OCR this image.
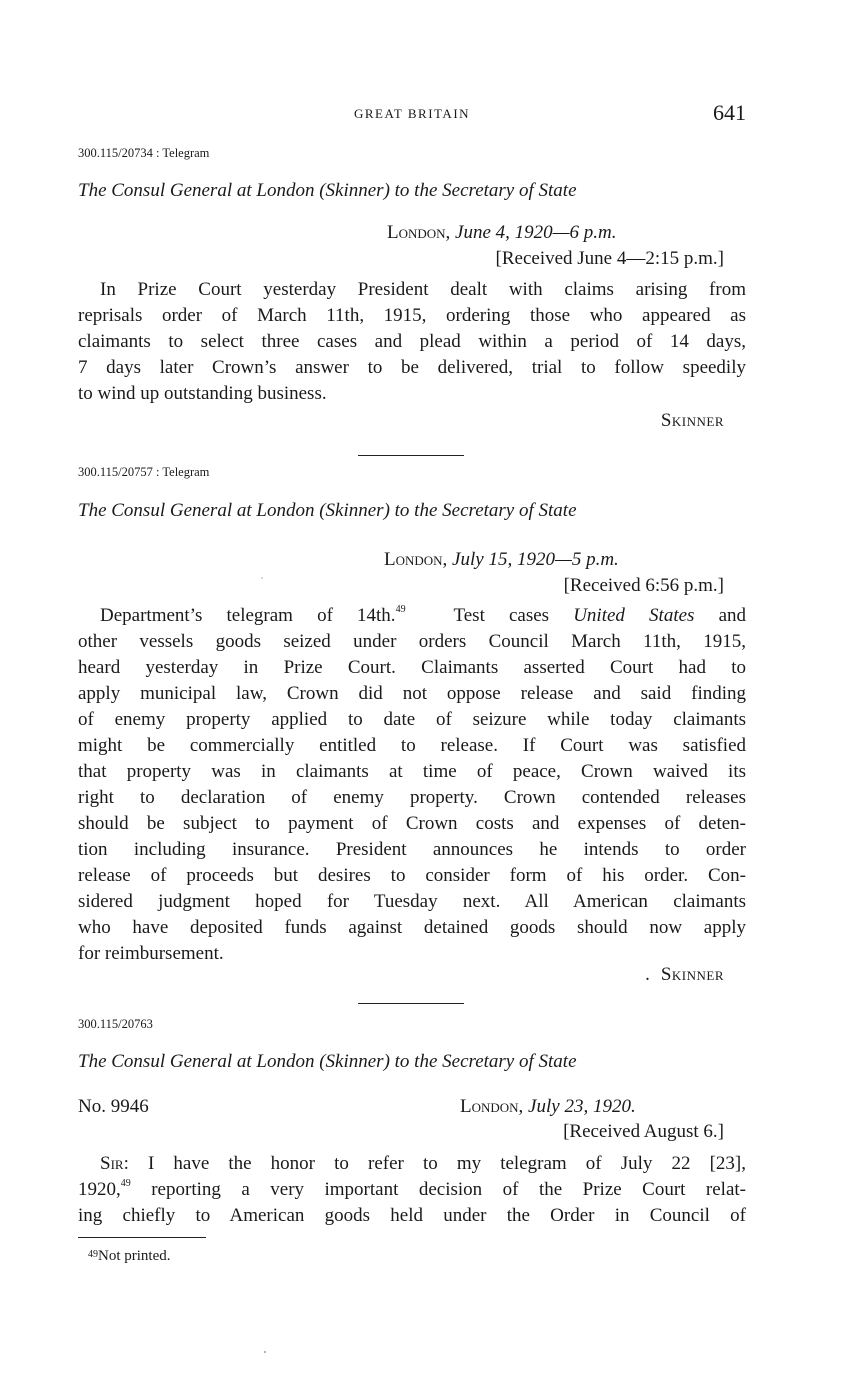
GREAT BRITAIN	641
300.115/20734 : Telegram
The Consul General at London (Skinner) to the Secretary of State
London, June 4, 1920—6 p.m.
[Received June 4—2:15 p.m.]
In Prize Court yesterday President dealt with claims arising from
reprisals order of March 11th, 1915, ordering those who appeared as
claimants to select three cases and plead within a period of 14 days,
7 days later Crown’s answer to be delivered, trial to follow speedily
to wind up outstanding business.
Skinner
300.115/20757 : Telegram
The Consul General at London (Skinner) to the Secretary of State
London, July 15, 1920—5 p.m.
[Received 6:56 p.m.]
Department’s telegram of 14th.$^{49}$  Test cases United States and
other vessels goods seized under orders Council March 11th, 1915,
heard yesterday in Prize Court. Claimants asserted Court had to
apply municipal law, Crown did not oppose release and said finding
of enemy property applied to date of seizure while today claimants
might be commercially entitled to release. If Court was satisfied
that property was in claimants at time of peace, Crown waived its
right to declaration of enemy property. Crown contended releases
should be subject to payment of Crown costs and expenses of deten-
tion including insurance. President announces he intends to order
release of proceeds but desires to consider form of his order. Con-
sidered judgment hoped for Tuesday next. All American claimants
who have deposited funds against detained goods should now apply
for reimbursement.
. Skinner
300.115/20763
The Consul General at London (Skinner) to the Secretary of State
No. 9946	London, July 23, 1920.
[Received August 6.]
Sir: I have the honor to refer to my telegram of July 22 [23],
1920,49 reporting a very important decision of the Prize Court relat-
ing chiefly to American goods held under the Order in Council of
$^{49}$Not printed.
